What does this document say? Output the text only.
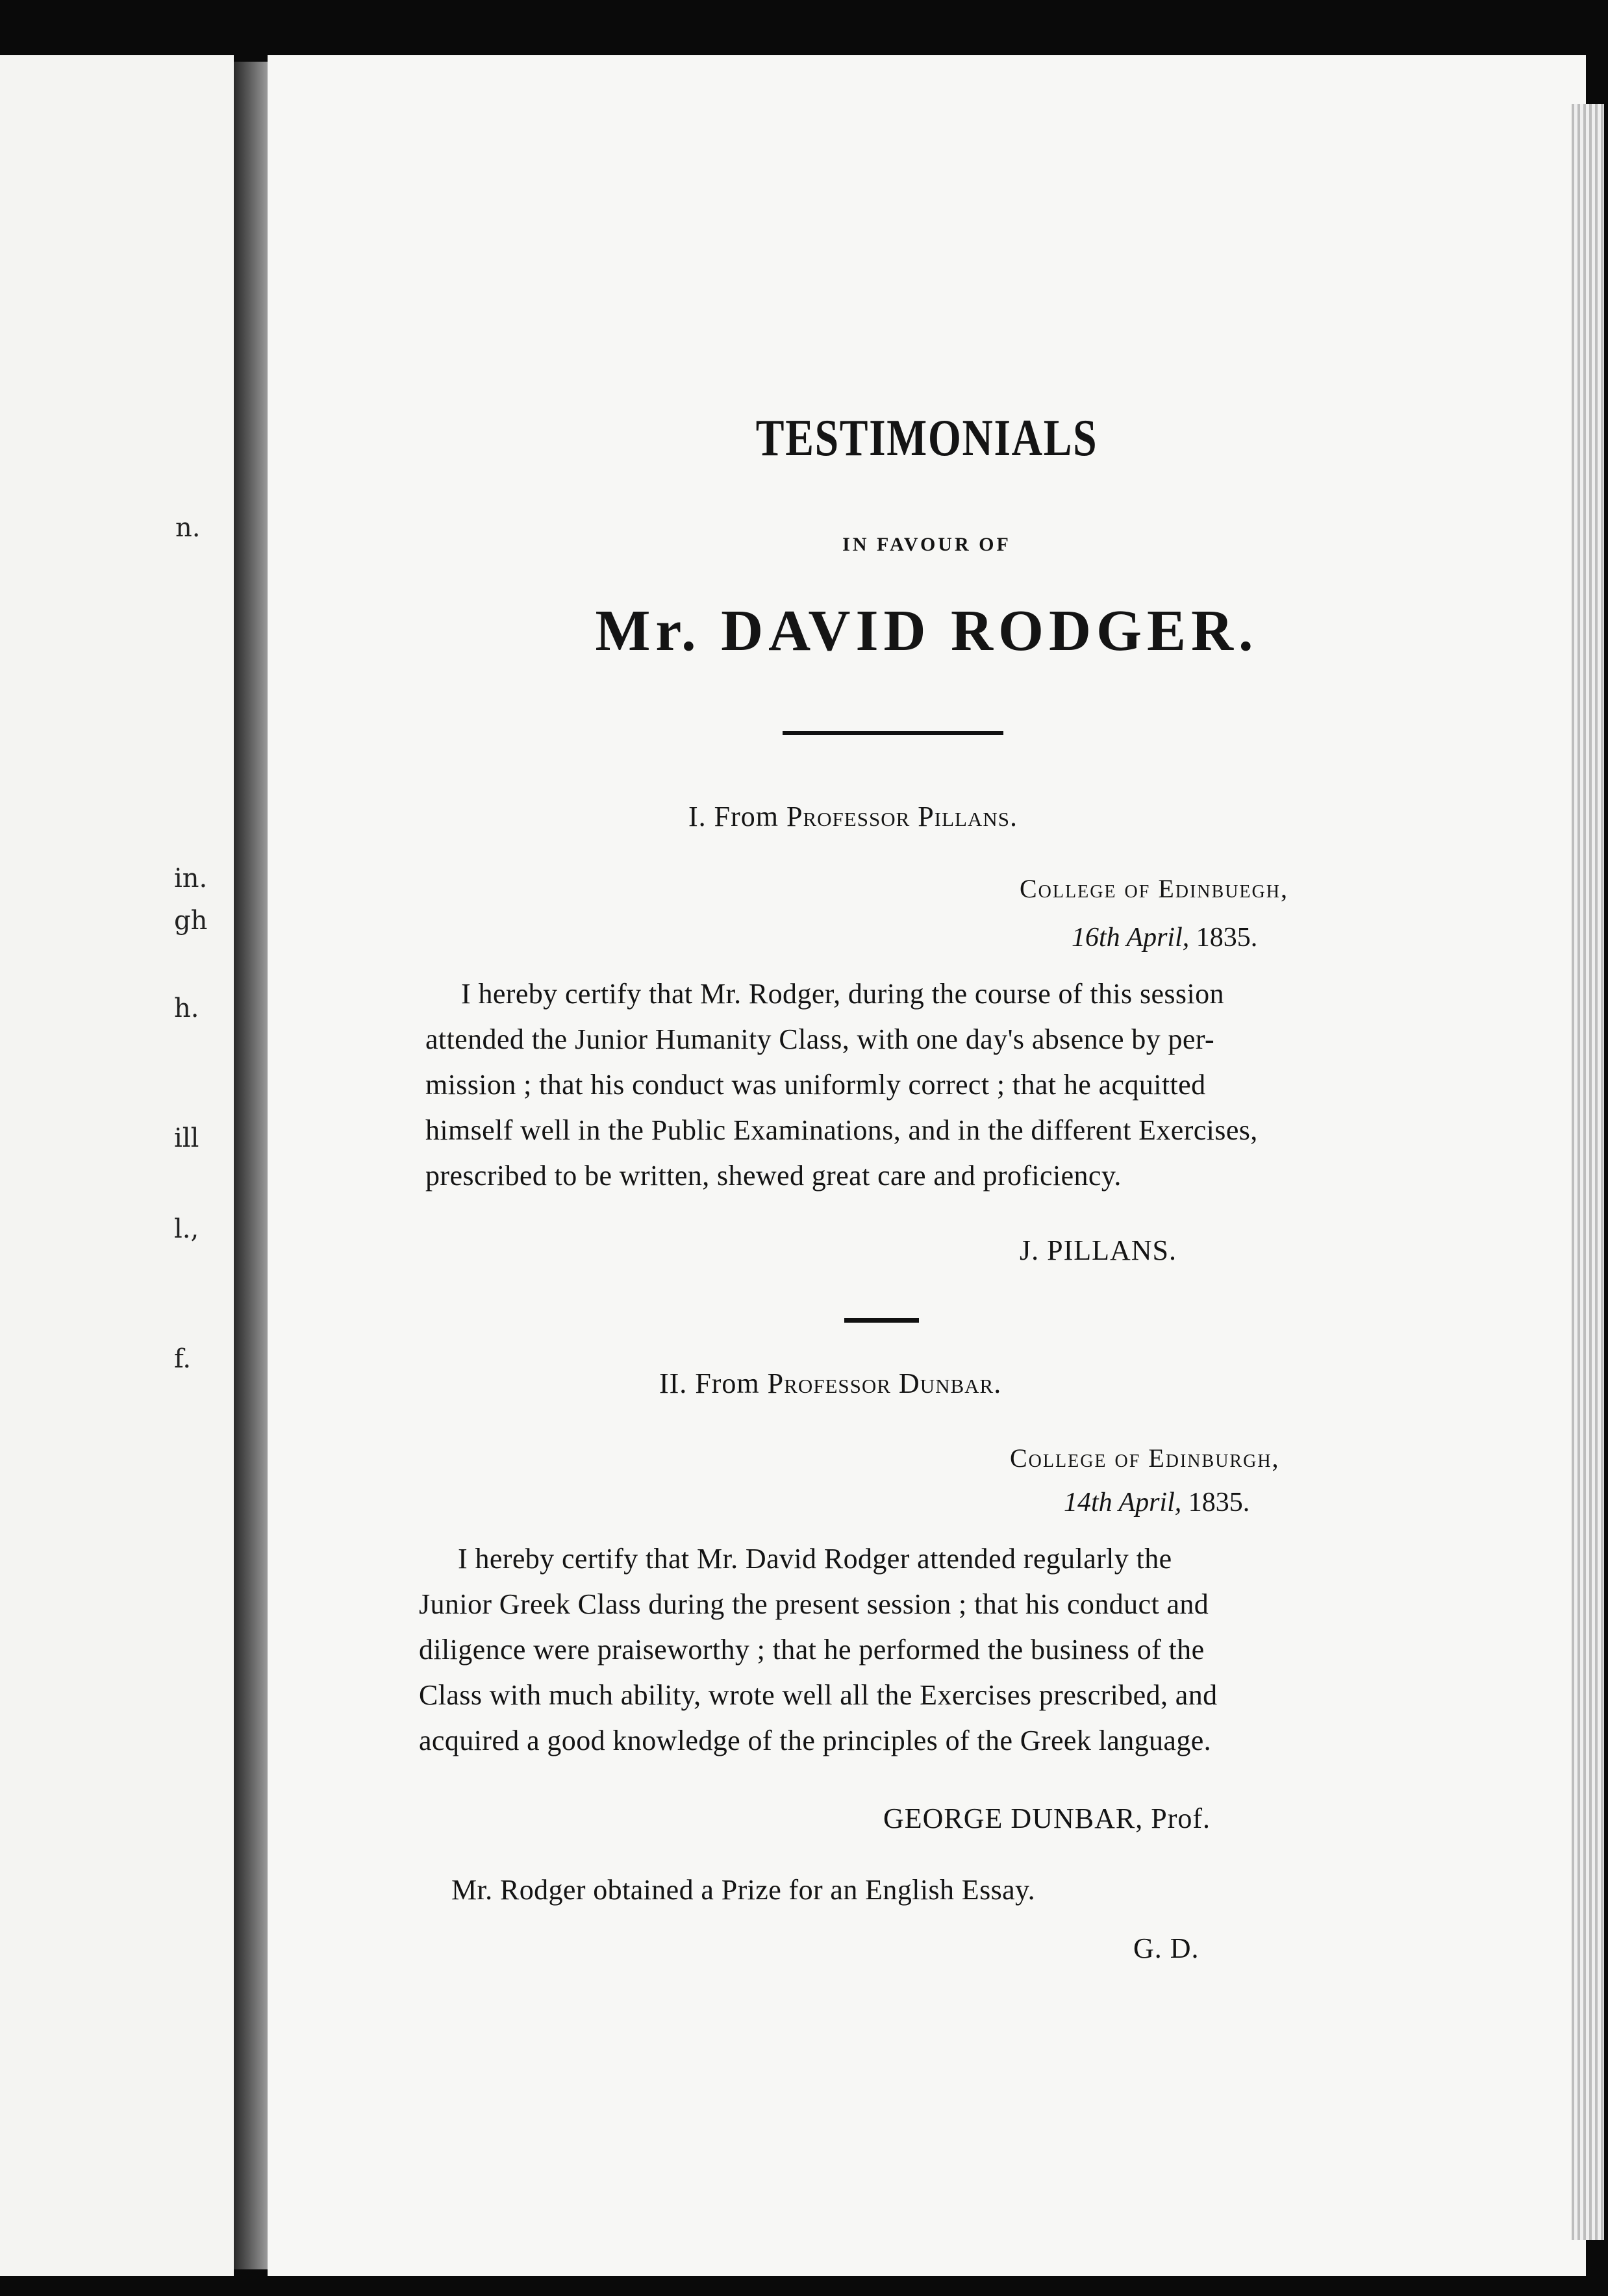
n.
in.
gh
h.
ill
l.,
f.
TESTIMONIALS
IN FAVOUR OF
Mr. DAVID RODGER.
I. From Professor Pillans.
College of Edinbuegh,
16th April, 1835.
I hereby certify that Mr. Rodger, during the course of this session
attended the Junior Humanity Class, with one day's absence by per-
mission ; that his conduct was uniformly correct ; that he acquitted
himself well in the Public Examinations, and in the different Exercises,
prescribed to be written, shewed great care and proficiency.
J. PILLANS.
II. From Professor Dunbar.
College of Edinburgh,
14th April, 1835.
I hereby certify that Mr. David Rodger attended regularly the
Junior Greek Class during the present session ; that his conduct and
diligence were praiseworthy ; that he performed the business of the
Class with much ability, wrote well all the Exercises prescribed, and
acquired a good knowledge of the principles of the Greek language.
GEORGE DUNBAR, Prof.
Mr. Rodger obtained a Prize for an English Essay.
G. D.
